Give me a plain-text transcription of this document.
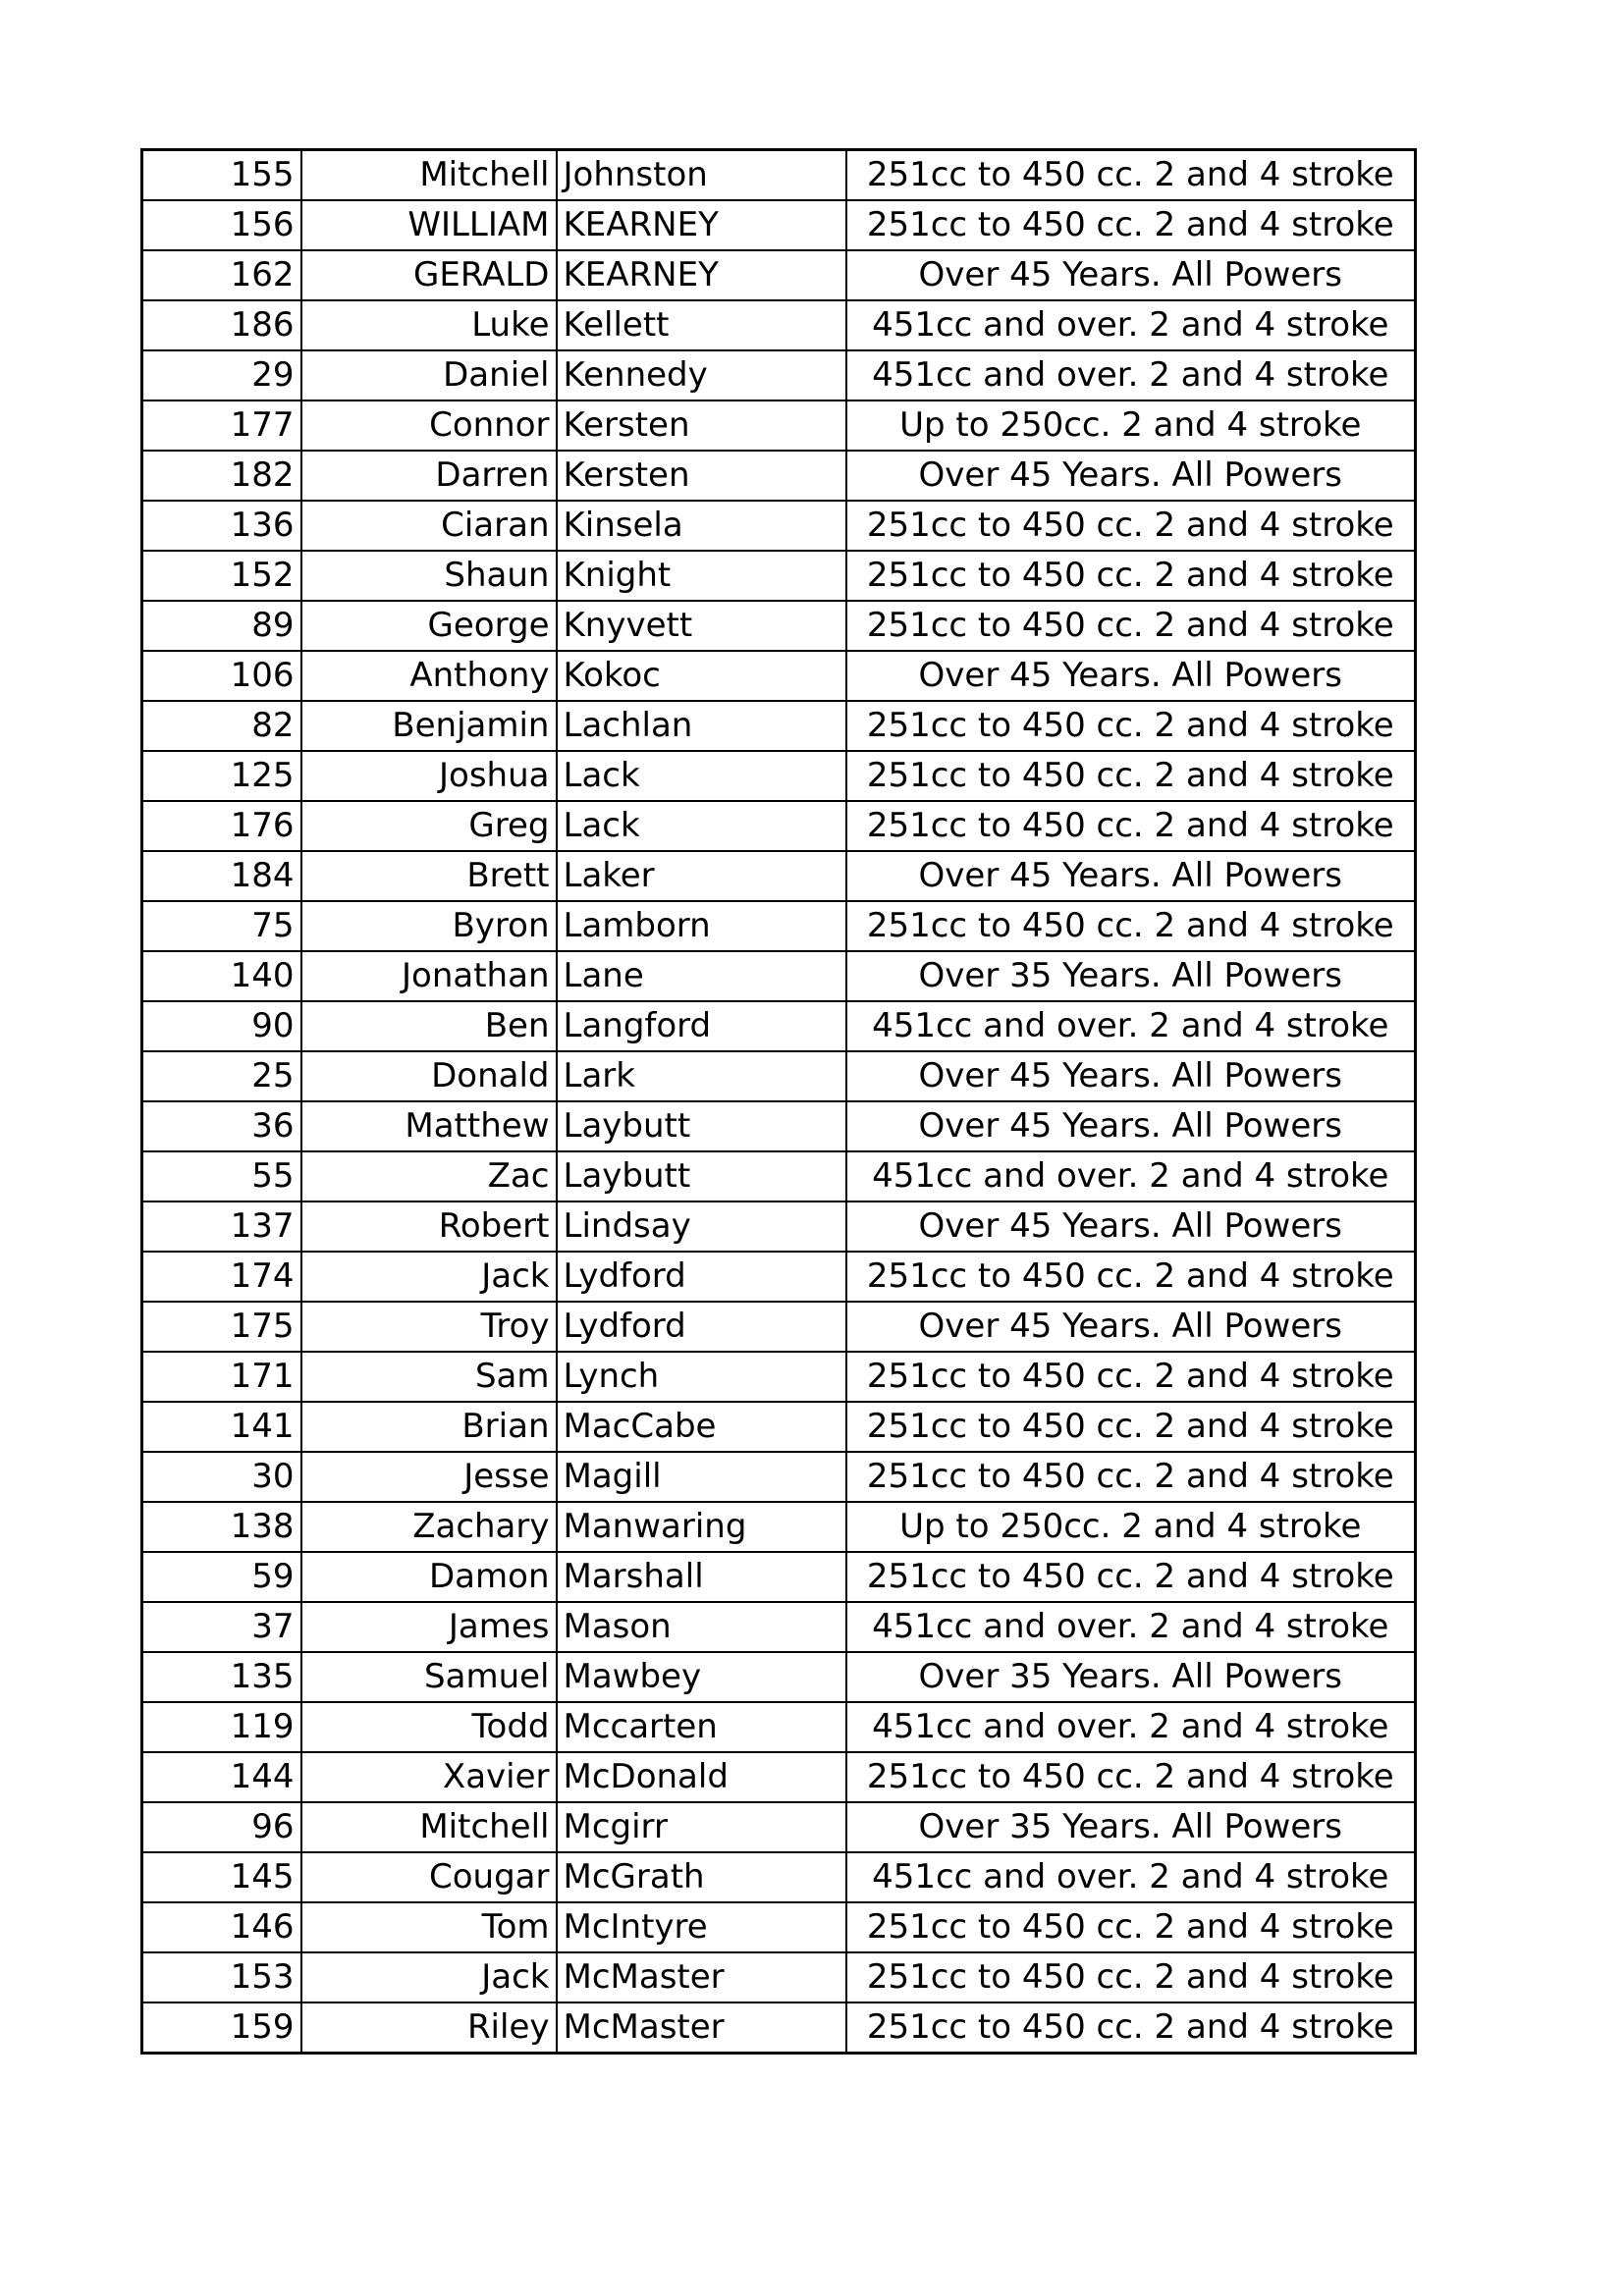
155	Mitchell	Johnston	251cc to 450 cc. 2 and 4 stroke
156	WILLIAM	KEARNEY	251cc to 450 cc. 2 and 4 stroke
162	GERALD	KEARNEY	Over 45 Years. All Powers
186	Luke	Kellett	451cc and over. 2 and 4 stroke
29	Daniel	Kennedy	451cc and over. 2 and 4 stroke
177	Connor	Kersten	Up to 250cc. 2 and 4 stroke
182	Darren	Kersten	Over 45 Years. All Powers
136	Ciaran	Kinsela	251cc to 450 cc. 2 and 4 stroke
152	Shaun	Knight	251cc to 450 cc. 2 and 4 stroke
89	George	Knyvett	251cc to 450 cc. 2 and 4 stroke
106	Anthony	Kokoc	Over 45 Years. All Powers
82	Benjamin	Lachlan	251cc to 450 cc. 2 and 4 stroke
125	Joshua	Lack	251cc to 450 cc. 2 and 4 stroke
176	Greg	Lack	251cc to 450 cc. 2 and 4 stroke
184	Brett	Laker	Over 45 Years. All Powers
75	Byron	Lamborn	251cc to 450 cc. 2 and 4 stroke
140	Jonathan	Lane	Over 35 Years. All Powers
90	Ben	Langford	451cc and over. 2 and 4 stroke
25	Donald	Lark	Over 45 Years. All Powers
36	Matthew	Laybutt	Over 45 Years. All Powers
55	Zac	Laybutt	451cc and over. 2 and 4 stroke
137	Robert	Lindsay	Over 45 Years. All Powers
174	Jack	Lydford	251cc to 450 cc. 2 and 4 stroke
175	Troy	Lydford	Over 45 Years. All Powers
171	Sam	Lynch	251cc to 450 cc. 2 and 4 stroke
141	Brian	MacCabe	251cc to 450 cc. 2 and 4 stroke
30	Jesse	Magill	251cc to 450 cc. 2 and 4 stroke
138	Zachary	Manwaring	Up to 250cc. 2 and 4 stroke
59	Damon	Marshall	251cc to 450 cc. 2 and 4 stroke
37	James	Mason	451cc and over. 2 and 4 stroke
135	Samuel	Mawbey	Over 35 Years. All Powers
119	Todd	Mccarten	451cc and over. 2 and 4 stroke
144	Xavier	McDonald	251cc to 450 cc. 2 and 4 stroke
96	Mitchell	Mcgirr	Over 35 Years. All Powers
145	Cougar	McGrath	451cc and over. 2 and 4 stroke
146	Tom	McIntyre	251cc to 450 cc. 2 and 4 stroke
153	Jack	McMaster	251cc to 450 cc. 2 and 4 stroke
159	Riley	McMaster	251cc to 450 cc. 2 and 4 stroke
